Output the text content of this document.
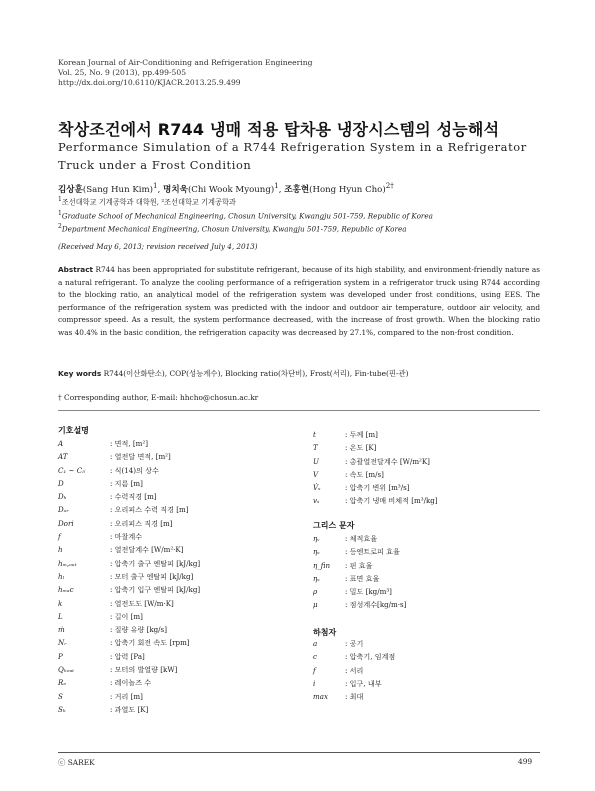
Korean Journal of Air-Conditioning and Refrigeration Engineering
Vol. 25, No. 9 (2013), pp.499-505
http://dx.doi.org/10.6110/KJACR.2013.25.9.499
착상조건에서 R744 냉매 적용 탑차용 냉장시스템의 성능해석
Performance Simulation of a R744 Refrigeration System in a Refrigerator Truck under a Frost Condition
김상훈(Sang Hun Kim)$^1$, 명치욱(Chi Wook Myoung)$^1$, 조홍현(Hong Hyun Cho)$^{2\dagger}$
$^1$조선대학교 기계공학과 대학원, ²조선대학교 기계공학과
$^1$Graduate School of Mechanical Engineering, Chosun University, Kwangju 501-759, Republic of Korea
$^2$Department Mechanical Engineering, Chosun University, Kwangju 501-759, Republic of Korea
(Received May 6, 2013; revision received July 4, 2013)
Abstract R744 has been appropriated for substitute refrigerant, because of its high stability, and environment-friendly nature as a natural refrigerant. To analyze the cooling performance of a refrigeration system in a refrigerator truck using R744 according to the blocking ratio, an analytical model of the refrigeration system was developed under frost conditions, using EES. The performance of the refrigeration system was predicted with the indoor and outdoor air temperature, outdoor air velocity, and compressor speed. As a result, the system performance decreased, with the increase of frost growth. When the blocking ratio was 40.4% in the basic condition, the refrigeration capacity was decreased by 27.1%, compared to the non-frost condition.
Key words R744(이산화탄소), COP(성능계수), Blocking ratio(차단비), Frost(서리), Fin-tube(핀-관)
† Corresponding author, E-mail: hhcho@chosun.ac.kr
기호설명
A	: 면적, [m²]
AT	: 열전달 면적, [m²]
C₁ ~ C₅	: 식(14)의 상수
D	: 지름 [m]
Dₕ	: 수력직경 [m]
Dₒᵣ	: 오리피스 수력 직경 [m]
Dori	: 오리피스 직경 [m]
f	: 마찰계수
h	: 열전달계수 [W/m²·K]
hₘ,ₒᵤₜ	: 압축기 출구 엔탈피 [kJ/kg]
hₗ	: 모터 출구 엔탈피 [kJ/kg]
hₘₐc	: 압축기 입구 엔탈피 [kJ/kg]
k	: 열전도도 [W/m·K]
L	: 길이 [m]
ṁ	: 질량 유량 [kg/s]
Nᵣ	: 압축기 회전 속도 [rpm]
P	: 압력 [Pa]
Qₕₑₐₜ	: 모터의 발열량 [kW]
Rₑ	: 레이놀즈 수
S	: 거리 [m]
Sₕ	: 과열도 [K]
t	: 두께 [m]
T	: 온도 [K]
U	: 총괄열전달계수 [W/m²K]
V	: 속도 [m/s]
V̇ₛ	: 압축기 변위 [m³/s]
vₛ	: 압축기 냉매 비체적 [m³/kg]
그리스 문자
ηᵥ	: 체적효율
ηₛ	: 등엔트로피 효율
η_fin : 핀 효율
ηₛ	: 표면 효율
ρ	: 밀도 [kg/m³]
μ	: 점성계수[kg/m·s]
하첨자
a	: 공기
c	: 압축기, 임계점
f	: 서리
i	: 입구, 내부
max : 최대
ⓒ SAREK	499
